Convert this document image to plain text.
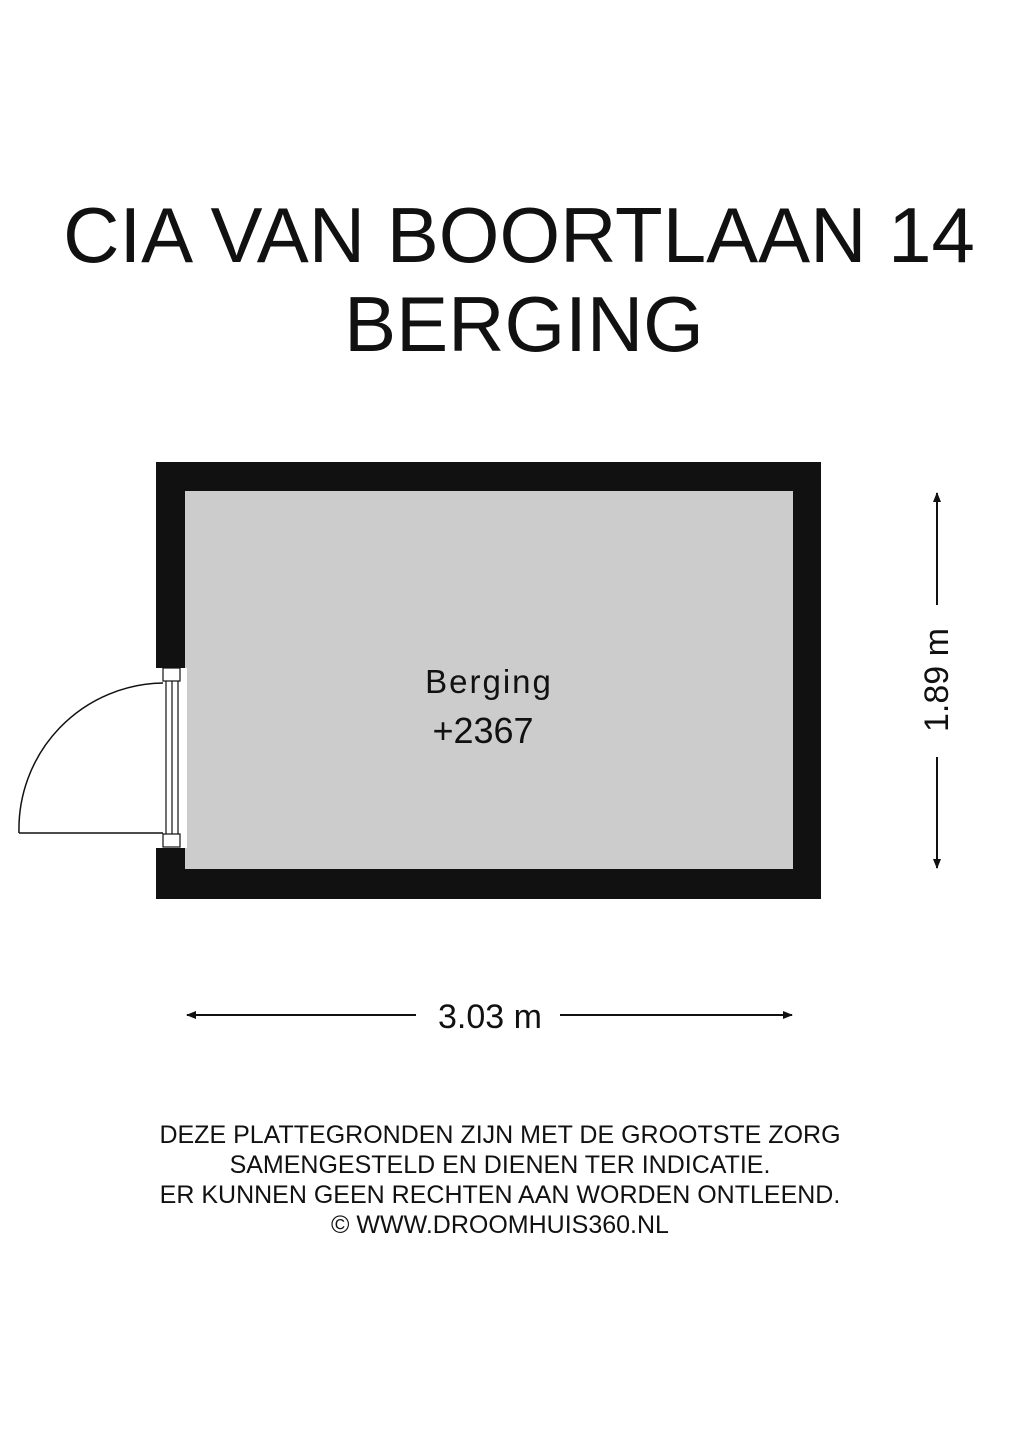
CIA VAN BOORTLAAN 14
BERGING
Berging
+2367	1.89 m
3.03 m
DEZE PLATTEGRONDEN ZIJN MET DE GROOTSTE ZORG
SAMENGESTELD EN DIENEN TER INDICATIE.
ER KUNNEN GEEN RECHTEN AAN WORDEN ONTLEEND.
© WWW.DROOMHUIS360.NL
